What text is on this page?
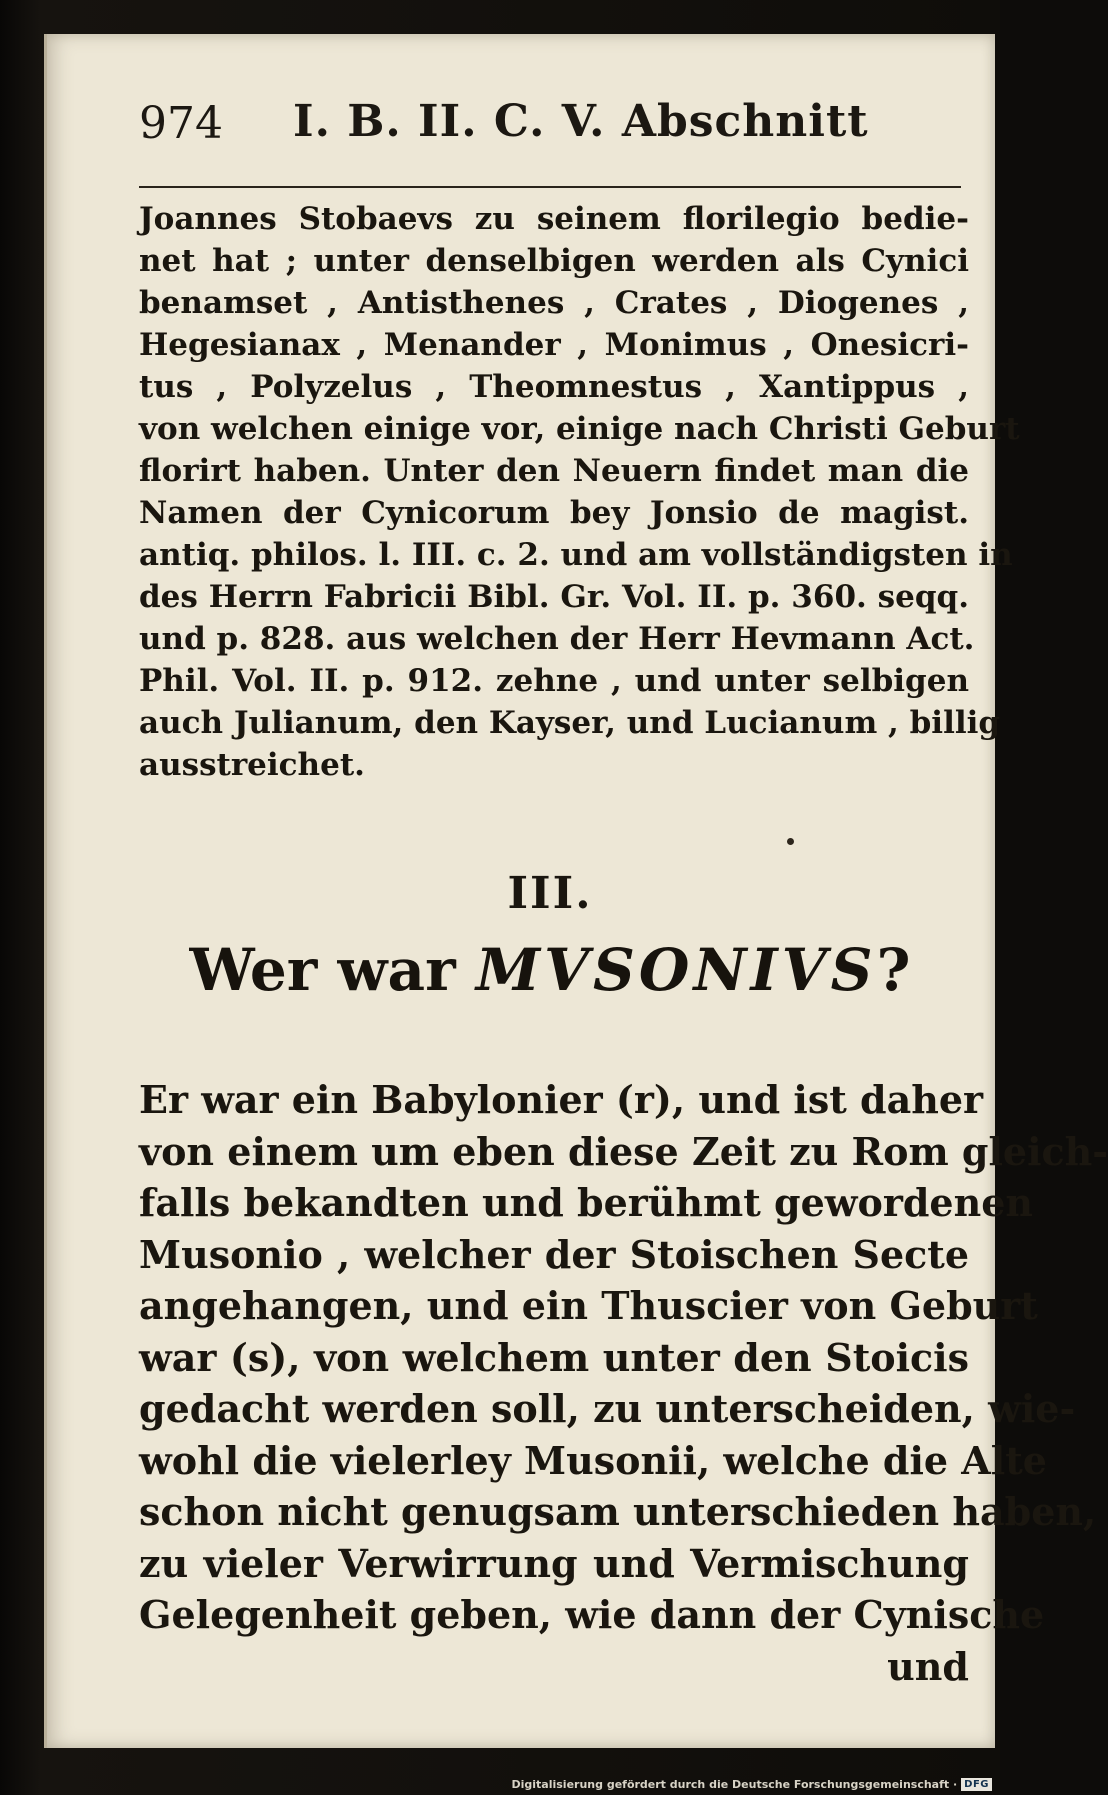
974 I. B. II. C. V. Abschnitt
Joannes Stobaevs zu seinem florilegio bedie-
net hat ; unter denselbigen werden als Cynici
benamset , Antisthenes , Crates , Diogenes ,
Hegesianax , Menander , Monimus , Onesicri-
tus , Polyzelus , Theomnestus , Xantippus ,
von welchen einige vor, einige nach Christi Geburt
florirt haben. Unter den Neuern findet man die
Namen der Cynicorum bey Jonsio de magist.
antiq. philos. l. III. c. 2. und am vollständigsten in
des Herrn Fabricii Bibl. Gr. Vol. II. p. 360. seqq.
und p. 828. aus welchen der Herr Hevmann Act.
Phil. Vol. II. p. 912. zehne , und unter selbigen
auch Julianum, den Kayser, und Lucianum , billig
ausstreichet.
III.
Wer war MVSONIVS?
Er war ein Babylonier (r), und ist daher
von einem um eben diese Zeit zu Rom gleich-
falls bekandten und berühmt gewordenen
Musonio , welcher der Stoischen Secte
angehangen, und ein Thuscier von Geburt
war (s), von welchem unter den Stoicis
gedacht werden soll, zu unterscheiden, wie-
wohl die vielerley Musonii, welche die Alte
schon nicht genugsam unterschieden haben,
zu vieler Verwirrung und Vermischung
Gelegenheit geben, wie dann der Cynische
und
Digitalisierung gefördert durch die Deutsche Forschungsgemeinschaft · DFG
